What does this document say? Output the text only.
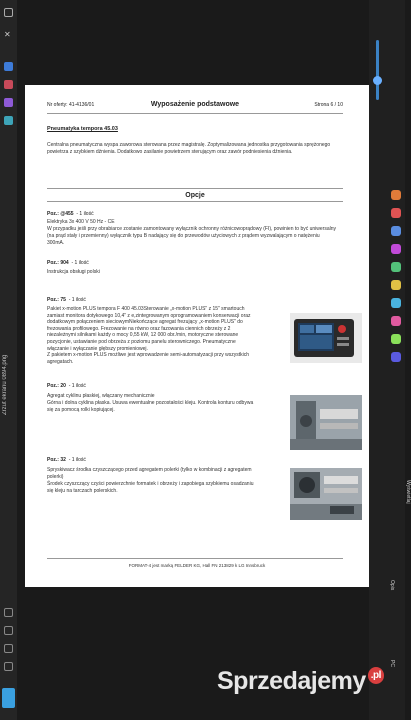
✕
Zrzut ekranu 0894.png
PC
Opis
Wyświetlaj
Nr oferty: 41-4136/01	Wyposażenie podstawowe	Strona 6 / 10
Pneumatyka tempora 45.03
Centralna pneumatyczna wyspa zaworowa sterowana przez magistralę. Zoptymalizowana jednostka przygotowania sprężonego
powietrza z szybkiem dźnienia. Dodatkowo zasilanie powietrzem sterującym oraz zawór podniesienia dźnienia.
Opcje
Poz.: @455 - 1 ilość
Elektryka 3x 400 V 50 Hz - CE
W przypadku jeśli przy obrabiarce zostanie zamontowany wyłącznik ochronny różnicowoprądowy (FI), powinien to być uniwersalny
(na prąd stały i przemienny) wyłącznik typu B nadający się do przewodów użyciowych z prądem wyzwalającym o natężeniu
300mA.
Poz.: 904 - 1 ilość
Instrukcja obsługi polski
Poz.: 75 - 1 ilość
Pakiet x-motion PLUS tempora F 400 45.03Sterowanie „x-motion PLUS" z 15" smartouch
zamiast monitora dotykowego 10,4" z e,zintegrowanym oprogramowaniem konserwacji oraz
dodatkowym połączeniem sieciowymNiekończące agregat frezujący „x-motion PLUS" do
frezowania profilowego. Frezowanie na równo oraz fazowania ciennich obrzeży z 2
niezależnymi silnikami każdy o mocy 0,55 kW, 12 000 obr./min, motoryczne sterowane
pozycjonie, ustawianie pod obrzeża z poziomu panelu sterowniczego. Pneumatyczne
włączanie i wyłączanie głębszy promieniowej.
Z pakietem x-motion PLUS możliwe jest wprowadzenie semi-automatyzacji przy wszystkich
agregatach.
Poz.: 20 - 1 ilość
Agregat cyklinu płaskiej, włączany mechanicznie
Górna i dolna cyklina płaska. Usuwa ewentualne pozostałości kleju. Kontrola konturu odbywa
się za pomocą rolki kopiującej.
Poz.: 32 - 1 ilość
Spryskiwacz środka czyszczącego przed agregatem polerki (tylko w kombinacji z agregatem
polerki)
Środek czyszczący czyści powierzchnie formatek i obrzeży i zapobiega szybkiemu osadzaniu
się kleju na tarczach polerskich.
FORMAT-4 jest marką FELDER KG, Hall FN 213829 k LG Innsbruck
Sprzedajemy .pl
